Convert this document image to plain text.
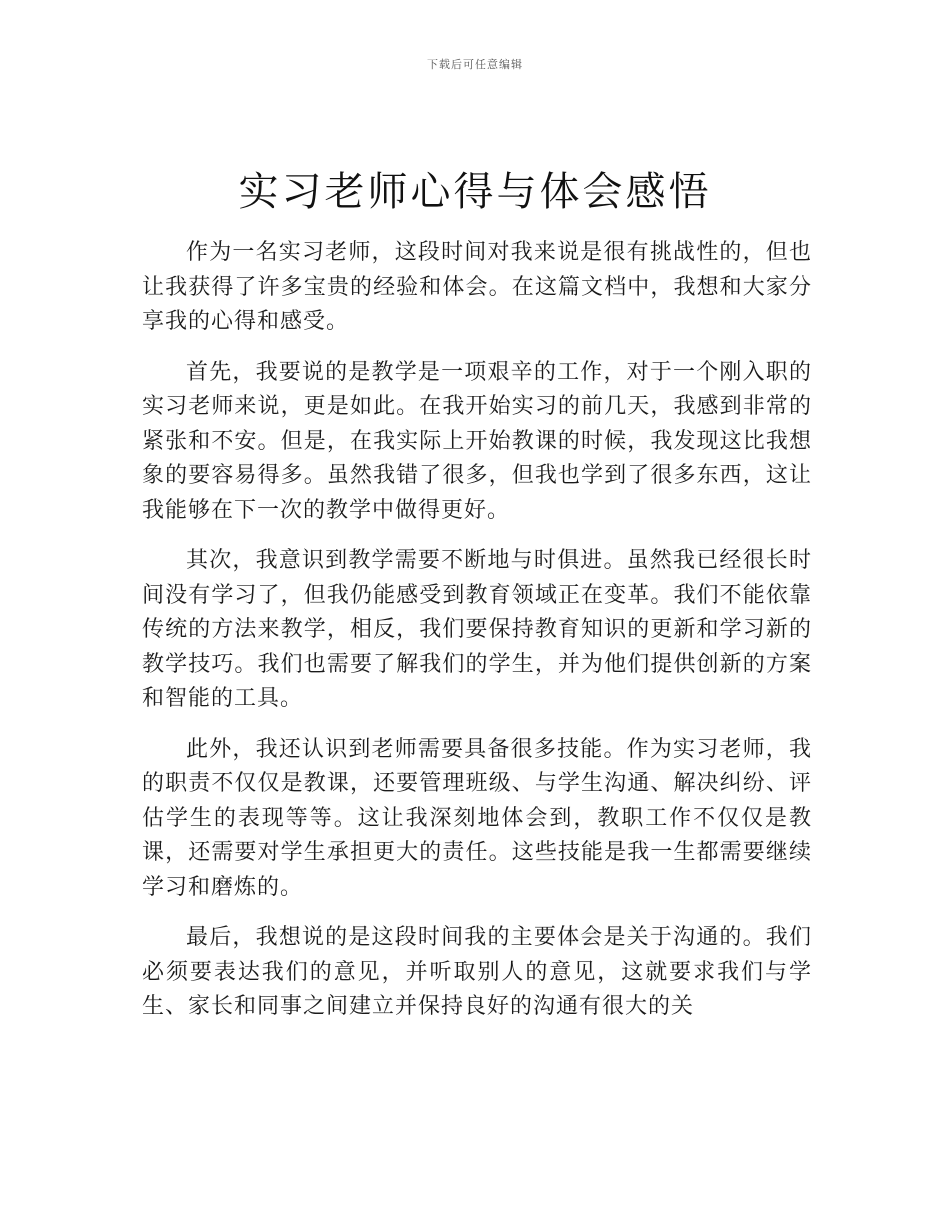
下载后可任意编辑
实习老师心得与体会感悟

作为一名实习老师，这段时间对我来说是很有挑战性的，但也让我获得了许多宝贵的经验和体会。在这篇文档中，我想和大家分享我的心得和感受。

首先，我要说的是教学是一项艰辛的工作，对于一个刚入职的实习老师来说，更是如此。在我开始实习的前几天，我感到非常的紧张和不安。但是，在我实际上开始教课的时候，我发现这比我想象的要容易得多。虽然我错了很多，但我也学到了很多东西，这让我能够在下一次的教学中做得更好。

其次，我意识到教学需要不断地与时俱进。虽然我已经很长时间没有学习了，但我仍能感受到教育领域正在变革。我们不能依靠传统的方法来教学，相反，我们要保持教育知识的更新和学习新的教学技巧。我们也需要了解我们的学生，并为他们提供创新的方案和智能的工具。

此外，我还认识到老师需要具备很多技能。作为实习老师，我的职责不仅仅是教课，还要管理班级、与学生沟通、解决纠纷、评估学生的表现等等。这让我深刻地体会到，教职工作不仅仅是教课，还需要对学生承担更大的责任。这些技能是我一生都需要继续学习和磨炼的。

最后，我想说的是这段时间我的主要体会是关于沟通的。我们必须要表达我们的意见，并听取别人的意见，这就要求我们与学生、家长和同事之间建立并保持良好的沟通有很大的关
